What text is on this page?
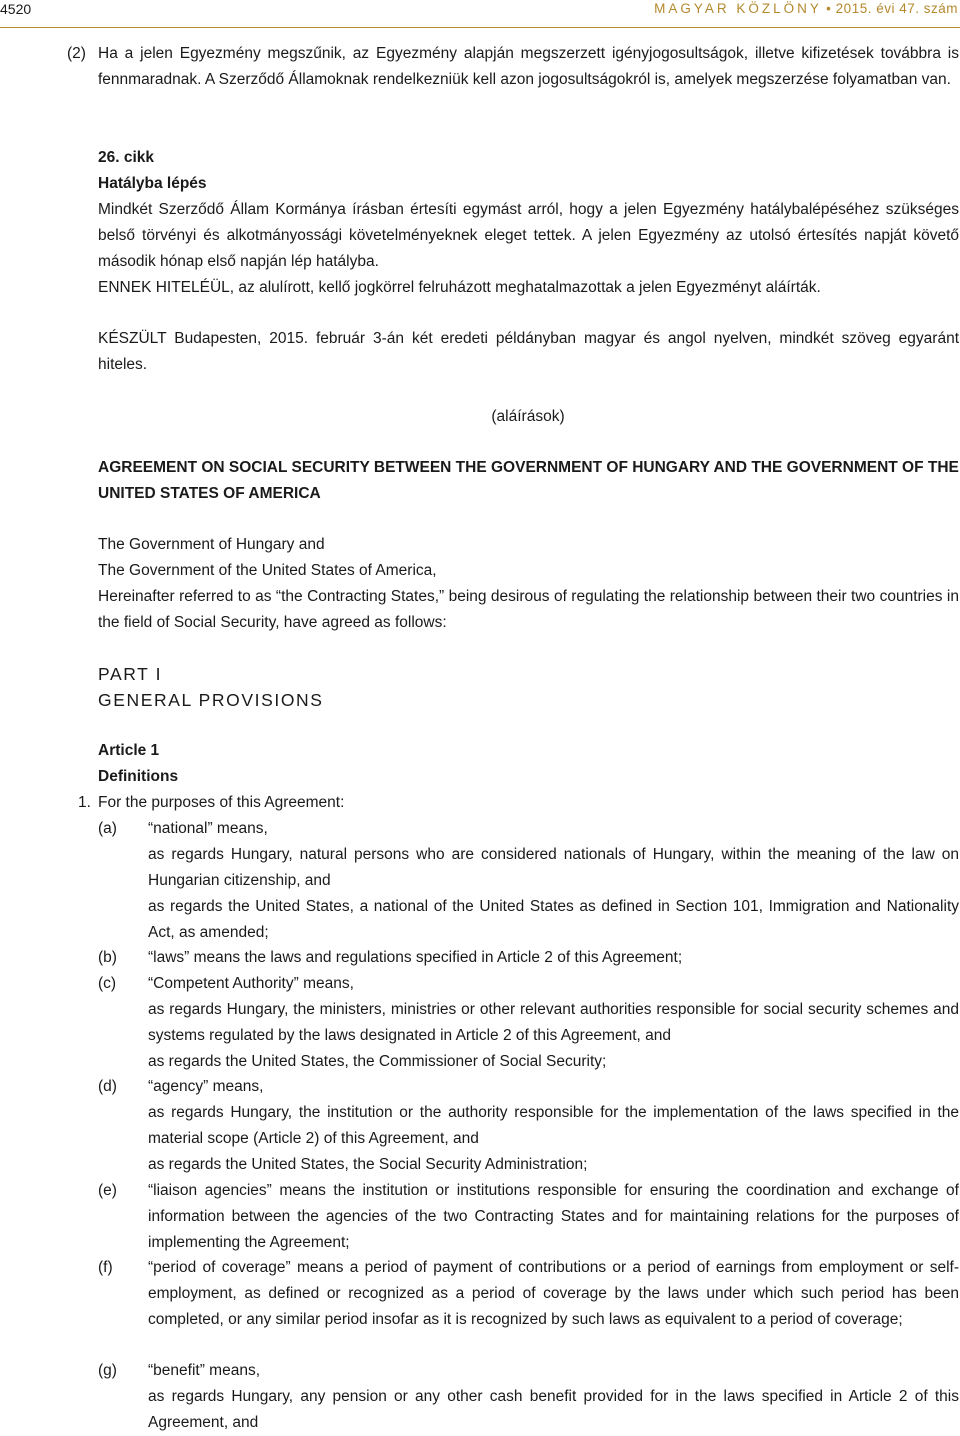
4520	MAGYAR KÖZLÖNY • 2015. évi 47. szám
(2) Ha a jelen Egyezmény megszűnik, az Egyezmény alapján megszerzett igényjogosultságok, illetve kifizetések továbbra is fennmaradnak. A Szerződő Államoknak rendelkezniük kell azon jogosultságokról is, amelyek megszerzése folyamatban van.
26. cikk
Hatályba lépés
Mindkét Szerződő Állam Kormánya írásban értesíti egymást arról, hogy a jelen Egyezmény hatálybalépéséhez szükséges belső törvényi és alkotmányossági követelményeknek eleget tettek. A jelen Egyezmény az utolsó értesítés napját követő második hónap első napján lép hatályba.
ENNEK HITELÉÜL, az alulírott, kellő jogkörrel felruházott meghatalmazottak a jelen Egyezményt aláírták.
KÉSZÜLT Budapesten, 2015. február 3-án két eredeti példányban magyar és angol nyelven, mindkét szöveg egyaránt hiteles.
(aláírások)
AGREEMENT ON SOCIAL SECURITY BETWEEN THE GOVERNMENT OF HUNGARY AND THE GOVERNMENT OF THE UNITED STATES OF AMERICA
The Government of Hungary and
The Government of the United States of America,
Hereinafter referred to as “the Contracting States,” being desirous of regulating the relationship between their two countries in the field of Social Security, have agreed as follows:
PART I
GENERAL PROVISIONS
Article 1
Definitions
1. For the purposes of this Agreement:
(a) “national” means,
as regards Hungary, natural persons who are considered nationals of Hungary, within the meaning of the law on Hungarian citizenship, and
as regards the United States, a national of the United States as defined in Section 101, Immigration and Nationality Act, as amended;
(b) “laws” means the laws and regulations specified in Article 2 of this Agreement;
(c) “Competent Authority” means,
as regards Hungary, the ministers, ministries or other relevant authorities responsible for social security schemes and systems regulated by the laws designated in Article 2 of this Agreement, and
as regards the United States, the Commissioner of Social Security;
(d) “agency” means,
as regards Hungary, the institution or the authority responsible for the implementation of the laws specified in the material scope (Article 2) of this Agreement, and
as regards the United States, the Social Security Administration;
(e) “liaison agencies” means the institution or institutions responsible for ensuring the coordination and exchange of information between the agencies of the two Contracting States and for maintaining relations for the purposes of implementing the Agreement;
(f) “period of coverage” means a period of payment of contributions or a period of earnings from employment or self-employment, as defined or recognized as a period of coverage by the laws under which such period has been completed, or any similar period insofar as it is recognized by such laws as equivalent to a period of coverage;
(g) “benefit” means,
as regards Hungary, any pension or any other cash benefit provided for in the laws specified in Article 2 of this Agreement, and
